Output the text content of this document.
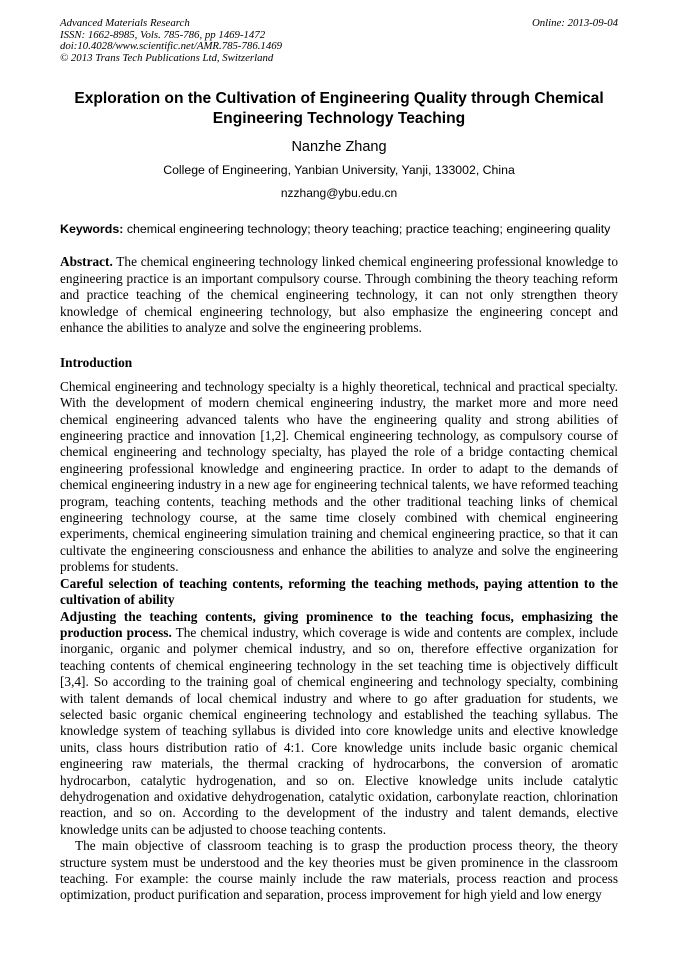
Advanced Materials Research
ISSN: 1662-8985, Vols. 785-786, pp 1469-1472
doi:10.4028/www.scientific.net/AMR.785-786.1469
© 2013 Trans Tech Publications Ltd, Switzerland
Online: 2013-09-04
Exploration on the Cultivation of Engineering Quality through Chemical Engineering Technology Teaching
Nanzhe Zhang
College of Engineering, Yanbian University, Yanji, 133002, China
nzzhang@ybu.edu.cn

Keywords: chemical engineering technology; theory teaching; practice teaching; engineering quality

Abstract. The chemical engineering technology linked chemical engineering professional knowledge to engineering practice is an important compulsory course. Through combining the theory teaching reform and practice teaching of the chemical engineering technology, it can not only strengthen theory knowledge of chemical engineering technology, but also emphasize the engineering concept and enhance the abilities to analyze and solve the engineering problems.

Introduction

Chemical engineering and technology specialty is a highly theoretical, technical and practical specialty. With the development of modern chemical engineering industry, the market more and more need chemical engineering advanced talents who have the engineering quality and strong abilities of engineering practice and innovation [1,2]. Chemical engineering technology, as compulsory course of chemical engineering and technology specialty, has played the role of a bridge contacting chemical engineering professional knowledge and engineering practice. In order to adapt to the demands of chemical engineering industry in a new age for engineering technical talents, we have reformed teaching program, teaching contents, teaching methods and the other traditional teaching links of chemical engineering technology course, at the same time closely combined with chemical engineering experiments, chemical engineering simulation training and chemical engineering practice, so that it can cultivate the engineering consciousness and enhance the abilities to analyze and solve the engineering problems for students.

Careful selection of teaching contents, reforming the teaching methods, paying attention to the cultivation of ability

Adjusting the teaching contents, giving prominence to the teaching focus, emphasizing the production process. The chemical industry, which coverage is wide and contents are complex, include inorganic, organic and polymer chemical industry, and so on, therefore effective organization for teaching contents of chemical engineering technology in the set teaching time is objectively difficult [3,4]. So according to the training goal of chemical engineering and technology specialty, combining with talent demands of local chemical industry and where to go after graduation for students, we selected basic organic chemical engineering technology and established the teaching syllabus. The knowledge system of teaching syllabus is divided into core knowledge units and elective knowledge units, class hours distribution ratio of 4:1. Core knowledge units include basic organic chemical engineering raw materials, the thermal cracking of hydrocarbons, the conversion of aromatic hydrocarbon, catalytic hydrogenation, and so on. Elective knowledge units include catalytic dehydrogenation and oxidative dehydrogenation, catalytic oxidation, carbonylate reaction, chlorination reaction, and so on. According to the development of the industry and talent demands, elective knowledge units can be adjusted to choose teaching contents.

The main objective of classroom teaching is to grasp the production process theory, the theory structure system must be understood and the key theories must be given prominence in the classroom teaching. For example: the course mainly include the raw materials, process reaction and process optimization, product purification and separation, process improvement for high yield and low energy
